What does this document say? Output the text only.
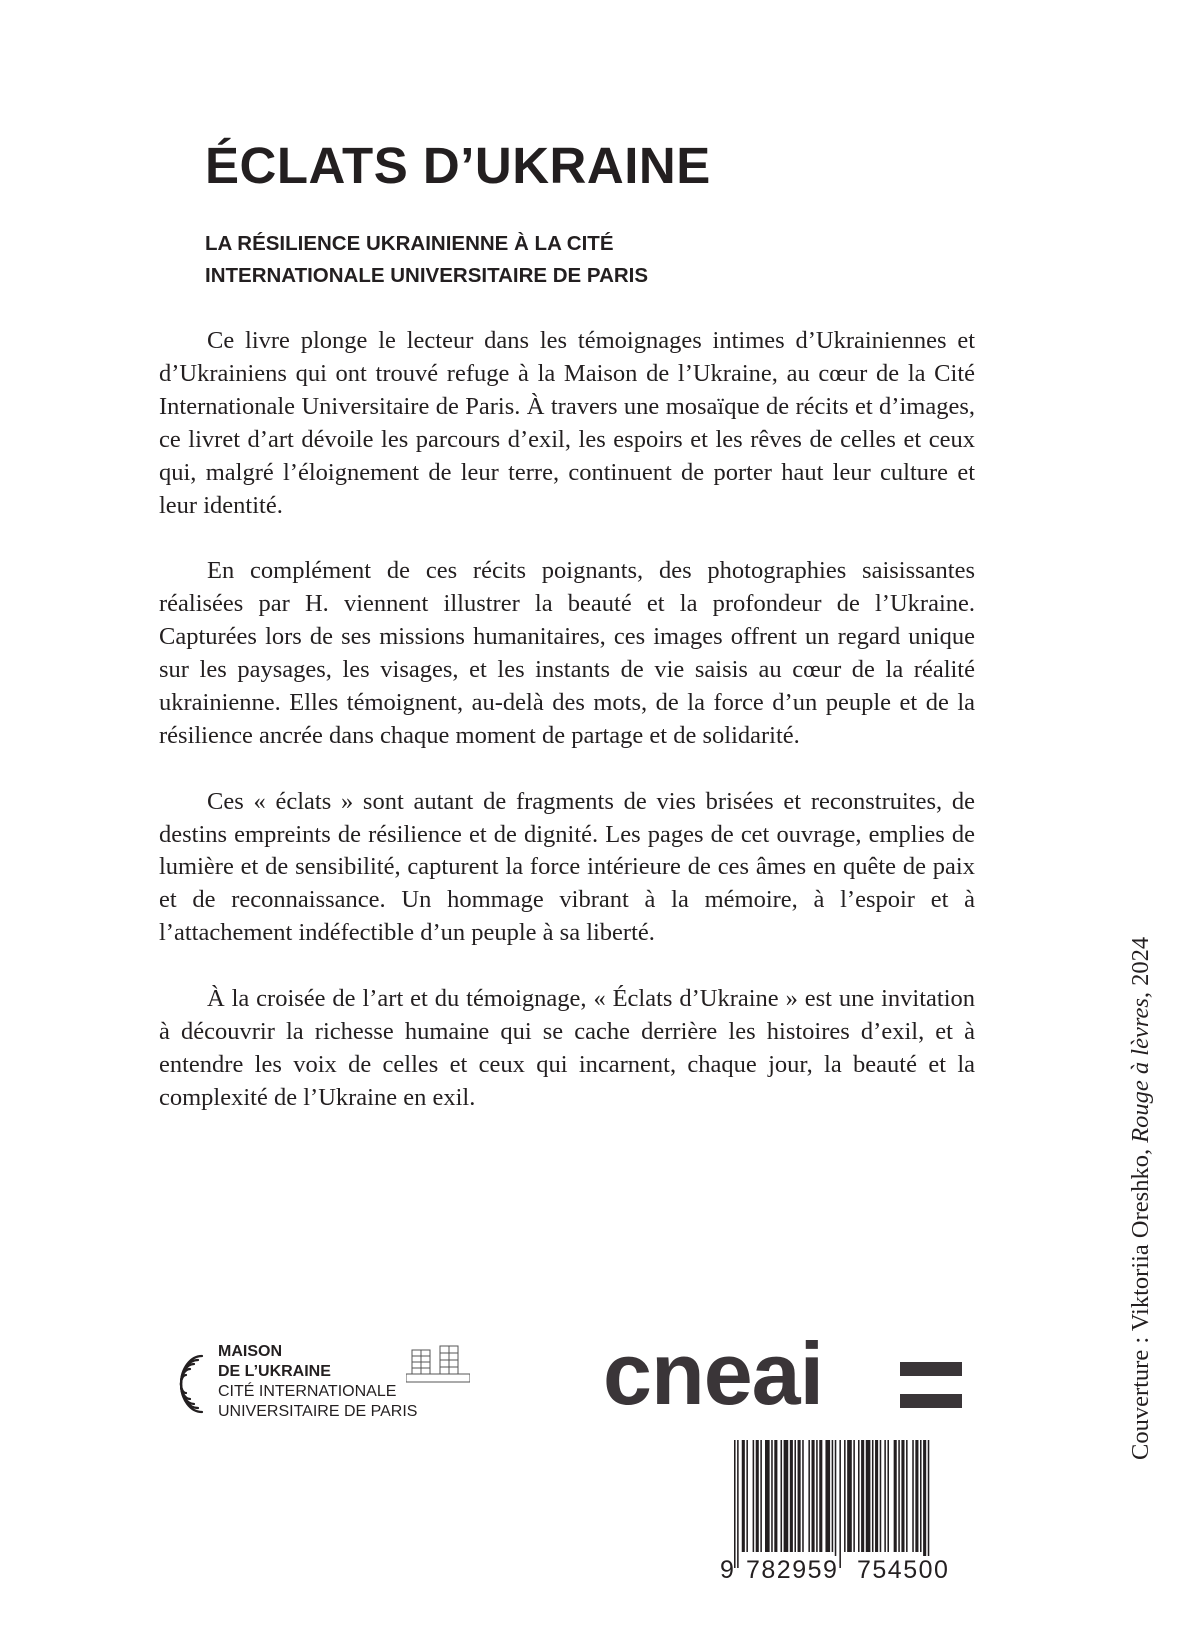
ÉCLATS D’UKRAINE
LA RÉSILIENCE UKRAINIENNE À LA CITÉ
INTERNATIONALE UNIVERSITAIRE DE PARIS

Ce livre plonge le lecteur dans les témoignages intimes d’Ukrainiennes et d’Ukrainiens qui ont trouvé refuge à la Maison de l’Ukraine, au cœur de la Cité Internationale Universitaire de Paris. À travers une mosaïque de récits et d’images, ce livret d’art dévoile les parcours d’exil, les espoirs et les rêves de celles et ceux qui, malgré l’éloignement de leur terre, continuent de porter haut leur culture et leur identité.

En complément de ces récits poignants, des photographies saisissantes réalisées par H. viennent illustrer la beauté et la profondeur de l’Ukraine. Capturées lors de ses missions humanitaires, ces images offrent un regard unique sur les paysages, les visages, et les instants de vie saisis au cœur de la réalité ukrainienne. Elles témoignent, au-delà des mots, de la force d’un peuple et de la résilience ancrée dans chaque moment de partage et de solidarité.

Ces « éclats » sont autant de fragments de vies brisées et reconstruites, de destins empreints de résilience et de dignité. Les pages de cet ouvrage, emplies de lumière et de sensibilité, capturent la force intérieure de ces âmes en quête de paix et de reconnaissance. Un hommage vibrant à la mémoire, à l’espoir et à l’attachement indéfectible d’un peuple à sa liberté.

À la croisée de l’art et du témoignage, « Éclats d’Ukraine » est une invitation à découvrir la richesse humaine qui se cache derrière les histoires d’exil, et à entendre les voix de celles et ceux qui incarnent, chaque jour, la beauté et la complexité de l’Ukraine en exil.

MAISON
DE L’UKRAINE
CITÉ INTERNATIONALE
UNIVERSITAIRE DE PARIS cneai
9 782959 754500
Couverture : Viktoriia Oreshko, Rouge à lèvres, 2024
